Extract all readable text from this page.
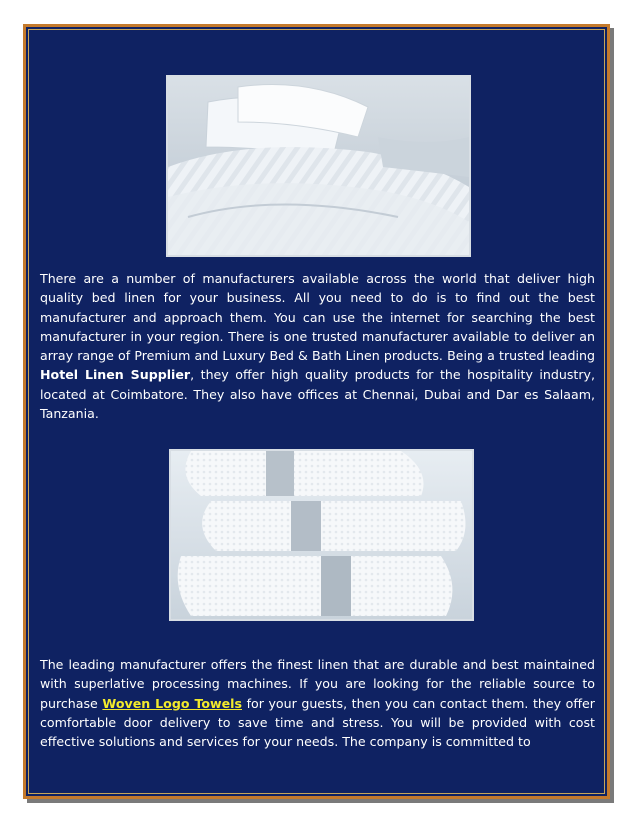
There are a number of manufacturers available across the world that deliver high quality bed linen for your business. All you need to do is to find out the best manufacturer and approach them. You can use the internet for searching the best manufacturer in your region. There is one trusted manufacturer available to deliver an array range of Premium and Luxury Bed & Bath Linen products. Being a trusted leading Hotel Linen Supplier, they offer high quality products for the hospitality industry, located at Coimbatore. They also have offices at Chennai, Dubai and Dar es Salaam, Tanzania.

The leading manufacturer offers the finest linen that are durable and best maintained with superlative processing machines. If you are looking for the reliable source to purchase Woven Logo Towels for your guests, then you can contact them. they offer comfortable door delivery to save time and stress. You will be provided with cost effective solutions and services for your needs. The company is committed to
